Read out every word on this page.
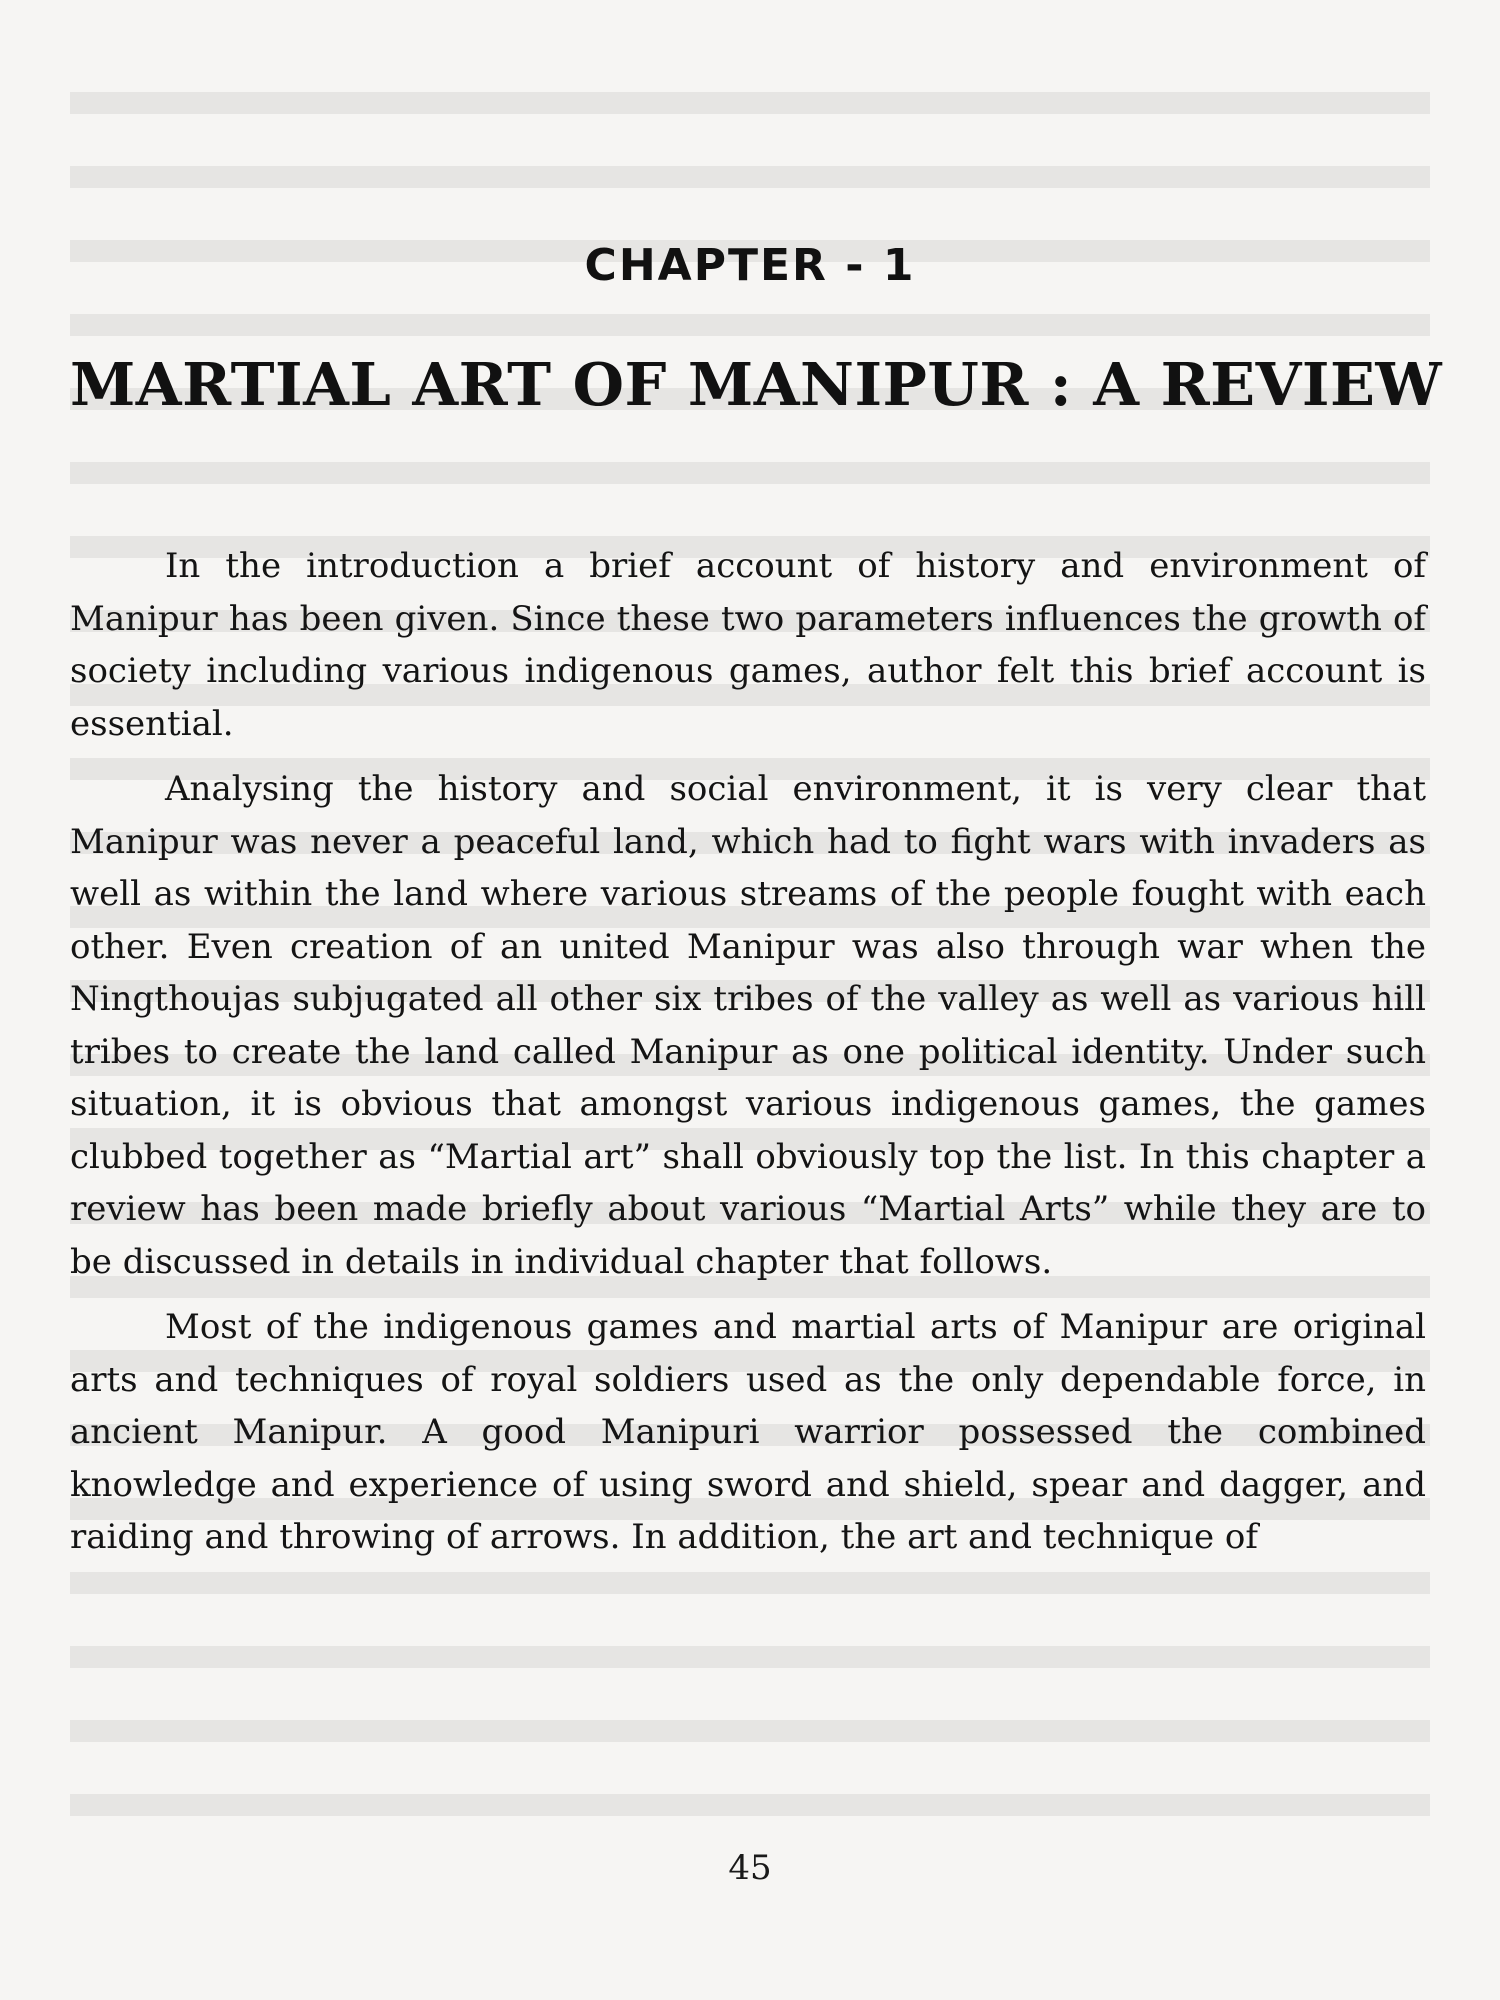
CHAPTER - 1
MARTIAL ART OF MANIPUR : A REVIEW

In the introduction a brief account of history and environment of Manipur has been given. Since these two parameters influences the growth of society including various indigenous games, author felt this brief account is essential.

Analysing the history and social environment, it is very clear that Manipur was never a peaceful land, which had to fight wars with invaders as well as within the land where various streams of the people fought with each other. Even creation of an united Manipur was also through war when the Ningthoujas subjugated all other six tribes of the valley as well as various hill tribes to create the land called Manipur as one political identity. Under such situation, it is obvious that amongst various indigenous games, the games clubbed together as “Martial art” shall obviously top the list. In this chapter a review has been made briefly about various “Martial Arts” while they are to be discussed in details in individual chapter that follows.

Most of the indigenous games and martial arts of Manipur are original arts and techniques of royal soldiers used as the only dependable force, in ancient Manipur. A good Manipuri warrior possessed the combined knowledge and experience of using sword and shield, spear and dagger, and raiding and throwing of arrows. In addition, the art and technique of

45
